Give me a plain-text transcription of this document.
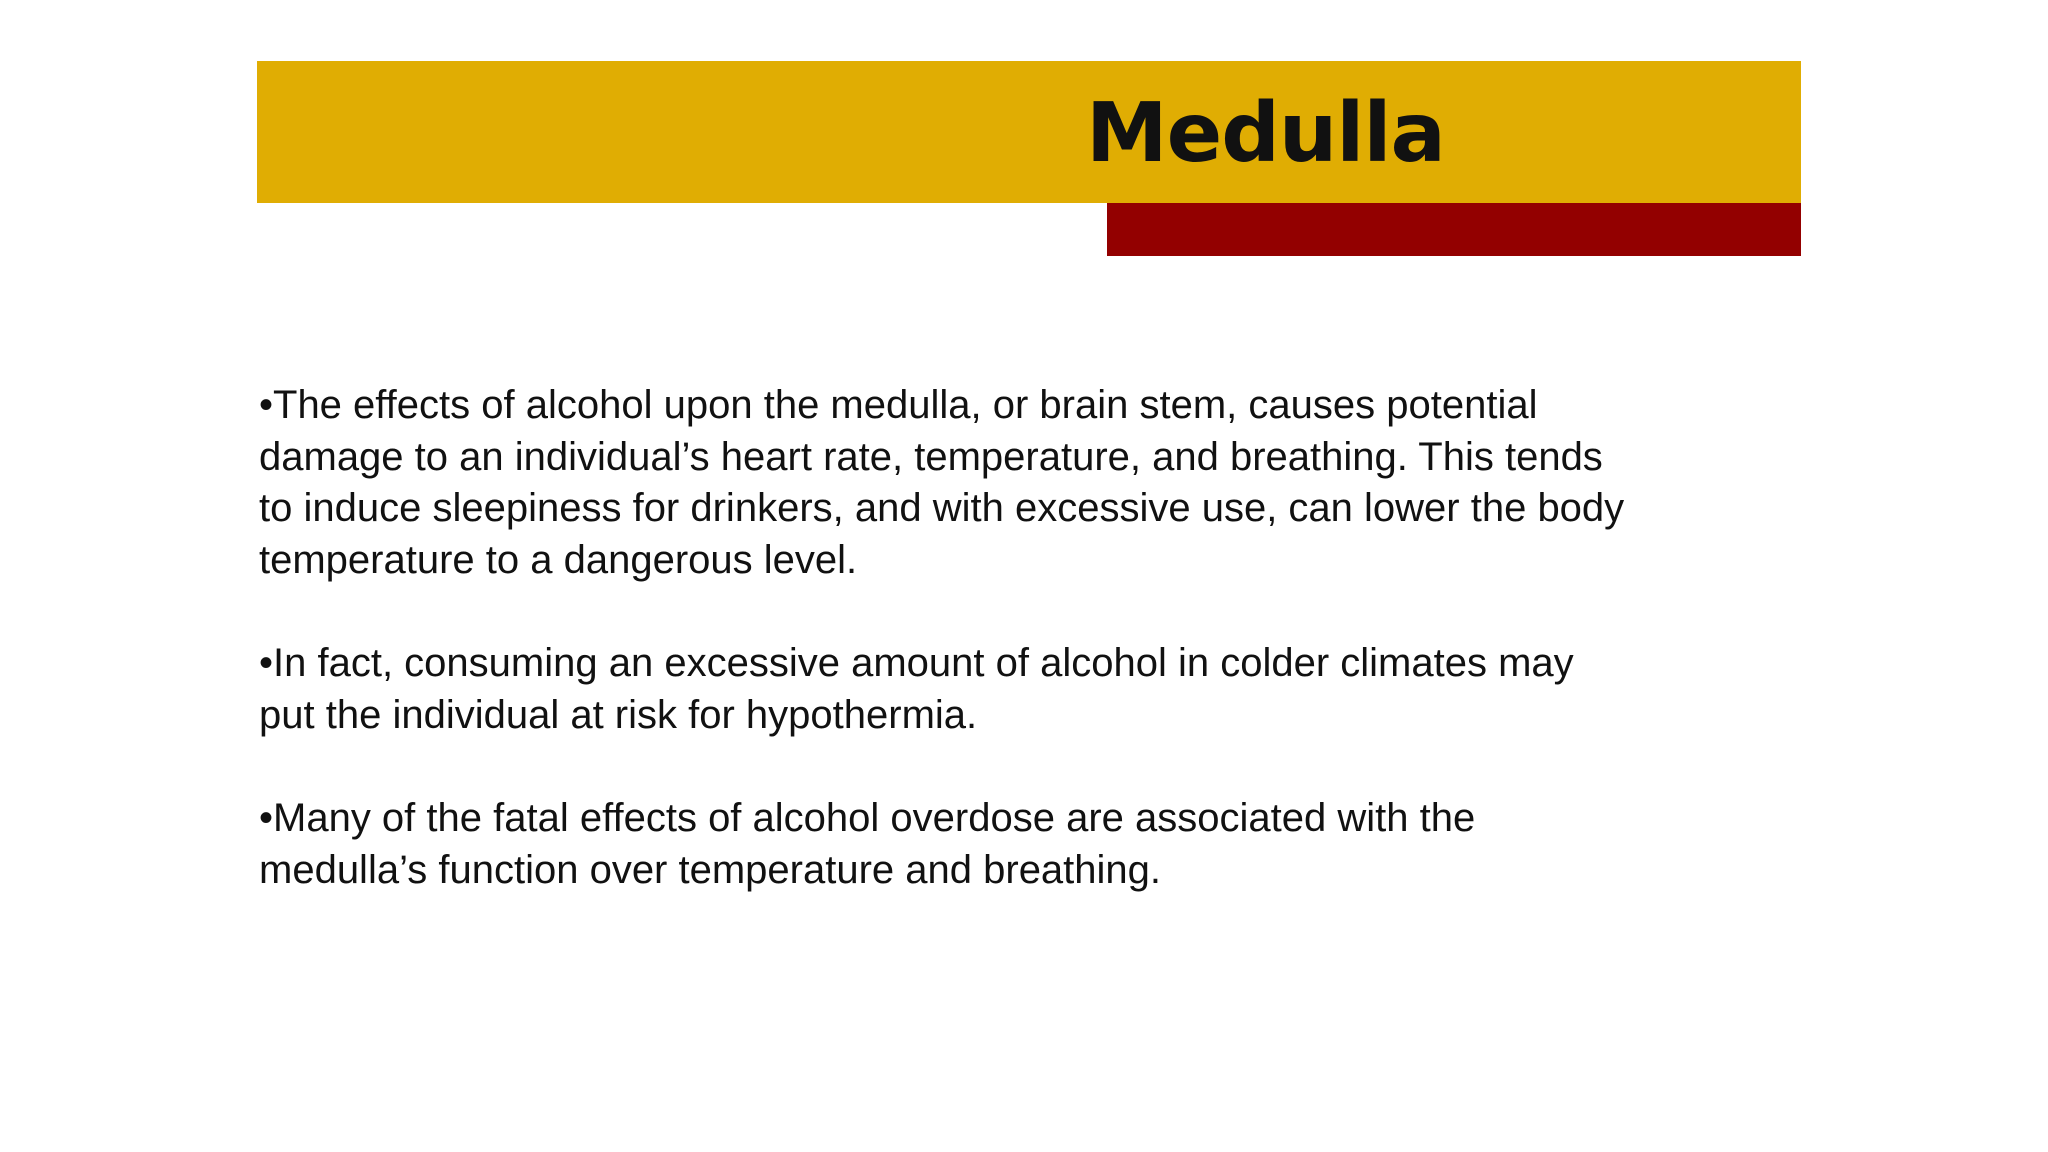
Medulla

•The effects of alcohol upon the medulla, or brain stem, causes potential
damage to an individual’s heart rate, temperature, and breathing. This tends
to induce sleepiness for drinkers, and with excessive use, can lower the body
temperature to a dangerous level.

•In fact, consuming an excessive amount of alcohol in colder climates may
put the individual at risk for hypothermia.

•Many of the fatal effects of alcohol overdose are associated with the
medulla’s function over temperature and breathing.
